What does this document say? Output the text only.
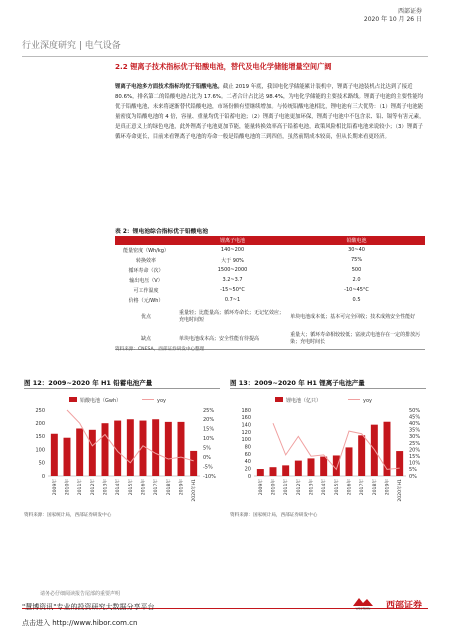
西部证券
2020 年 10 月 26 日
行业深度研究 | 电气设备
2.2 锂离子技术指标优于铅酸电池，替代及电化学储能增量空间广阔
锂离子电池多方面技术指标均优于铅酸电池。截止 2019 年底，我国电化学储能累计装机中，锂离子电池装机占比达到了接近 80.6%，排名第二的铅酸电池占比为 17.6%。二者合计占比达 98.4%，为电化学储能的主要技术路线。锂离子电池的主要性能均优于铅酸电池，未来将逐渐替代铅酸电池，市场份额有望继续增加。与传统铅酸电池相比，锂电池有三大优势：（1）锂离子电池能量密度为铅酸电池的 4 倍，容量、重量均优于铅蓄电池；（2）锂离子电池更加环保，锂离子电池中不包含汞、铅、镉等有害元素，是真正意义上的绿色电池，此外锂离子电池更加节能，能量转换效率高于铅蓄电池，政策风险相比铅蓄电池来说较小；（3）锂离子循环寿命更长，目前来看锂离子电池的寿命一般是铅酸电池的三到四倍，虽然前期成本较高，但从长期来看更经济。
表 2：锂电池综合指标优于铅酸电池
	锂离子电池	铅酸电池
能量密度（Wh/kg）	140~200	30~40
转换效率	大于 90%	75%
循环寿命（次）	1500~2000	500
输出电压（V）	3.2~3.7	2.0
可工作温度	-15~50°C	-10~45°C
价格（元/Wh）	0.7~1	0.5
优点	重量轻；比能量高；循环寿命长；无记忆效应；充电时间短	单块电池成本低；基本可完全回收；技术成熟安全性能好
缺点	单块电池成本高；安全性能有待提高	重量大；循环寿命相较较低；富液式电池存在一定的排放污染；充电时间长
资料来源：CNESA，西部证券研发中心整理
图 12：2009~2020 年 H1 铅蓄电池产量
铅酸电池（Gwh）	yoy
0
50
100
150
200
250
-10%
-5%
0%
5%
10%
15%
20%
25%
2009年	2010年	2011年	2012年	2013年	2014年	2015年	2016年	2017年	2018年	2019年	2020年H1
资料来源：国家统计局，西部证券研发中心
图 13：2009~2020 年 H1 锂离子电池产量
锂电池（亿只）	yoy
0
20
40
60
80
100
120
140
160
180
0%
5%
10%
15%
20%
25%
30%
35%
40%
45%
50%
2009年	2010年	2011年	2012年	2013年	2014年	2015年	2016年	2017年	2018年	2019年	2020年H1
资料来源：国家统计局，西部证券研发中心
请务必仔细阅读报告尾部的重要声明
"慧博资讯"专业的投资研究大数据分享平台
点击进入 http://www.hibor.com.cn
WESTERN 西部证券
